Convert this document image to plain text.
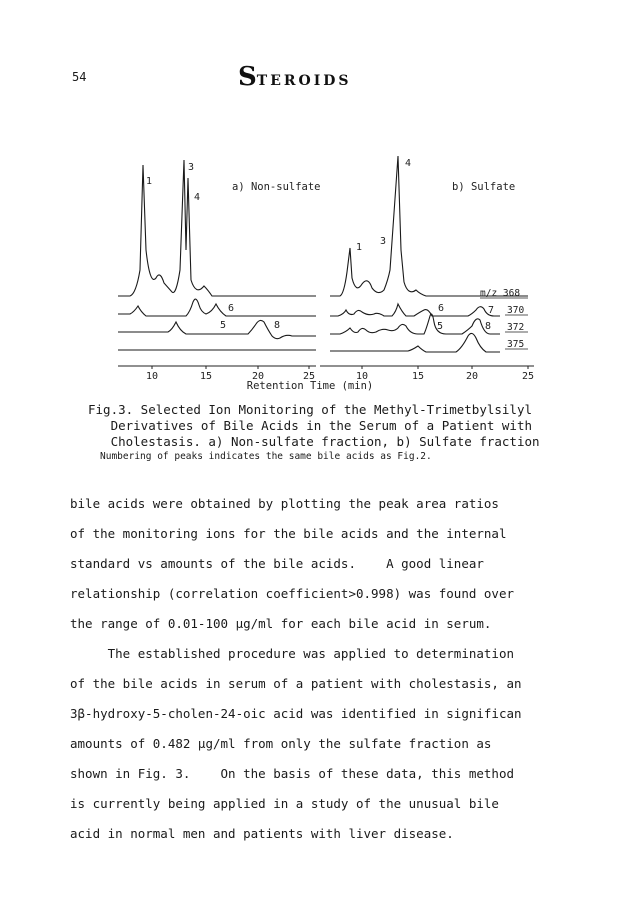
54	STEROIDS
a) Non-sulfate	b) Sulfate
1
3
4
6
5	8
4
1
3
6	7
5	8
m/z 368
370
372
375
10	15	20	25	10	15	20	25
Retention Time (min)
Fig.3. Selected Ion Monitoring of the Methyl-Trimetbylsilyl
Derivatives of Bile Acids in the Serum of a Patient with
Cholestasis. a) Non-sulfate fraction, b) Sulfate fraction
Numbering of peaks indicates the same bile acids as Fig.2.
bile acids were obtained by plotting the peak area ratios
of the monitoring ions for the bile acids and the internal
standard vs amounts of the bile acids.    A good linear
relationship (correlation coefficient>0.998) was found over
the range of 0.01-100 μg/ml for each bile acid in serum.
The established procedure was applied to determination
of the bile acids in serum of a patient with cholestasis, an
3β-hydroxy-5-cholen-24-oic acid was identified in significan
amounts of 0.482 μg/ml from only the sulfate fraction as
shown in Fig. 3.    On the basis of these data, this method
is currently being applied in a study of the unusual bile
acid in normal men and patients with liver disease.
